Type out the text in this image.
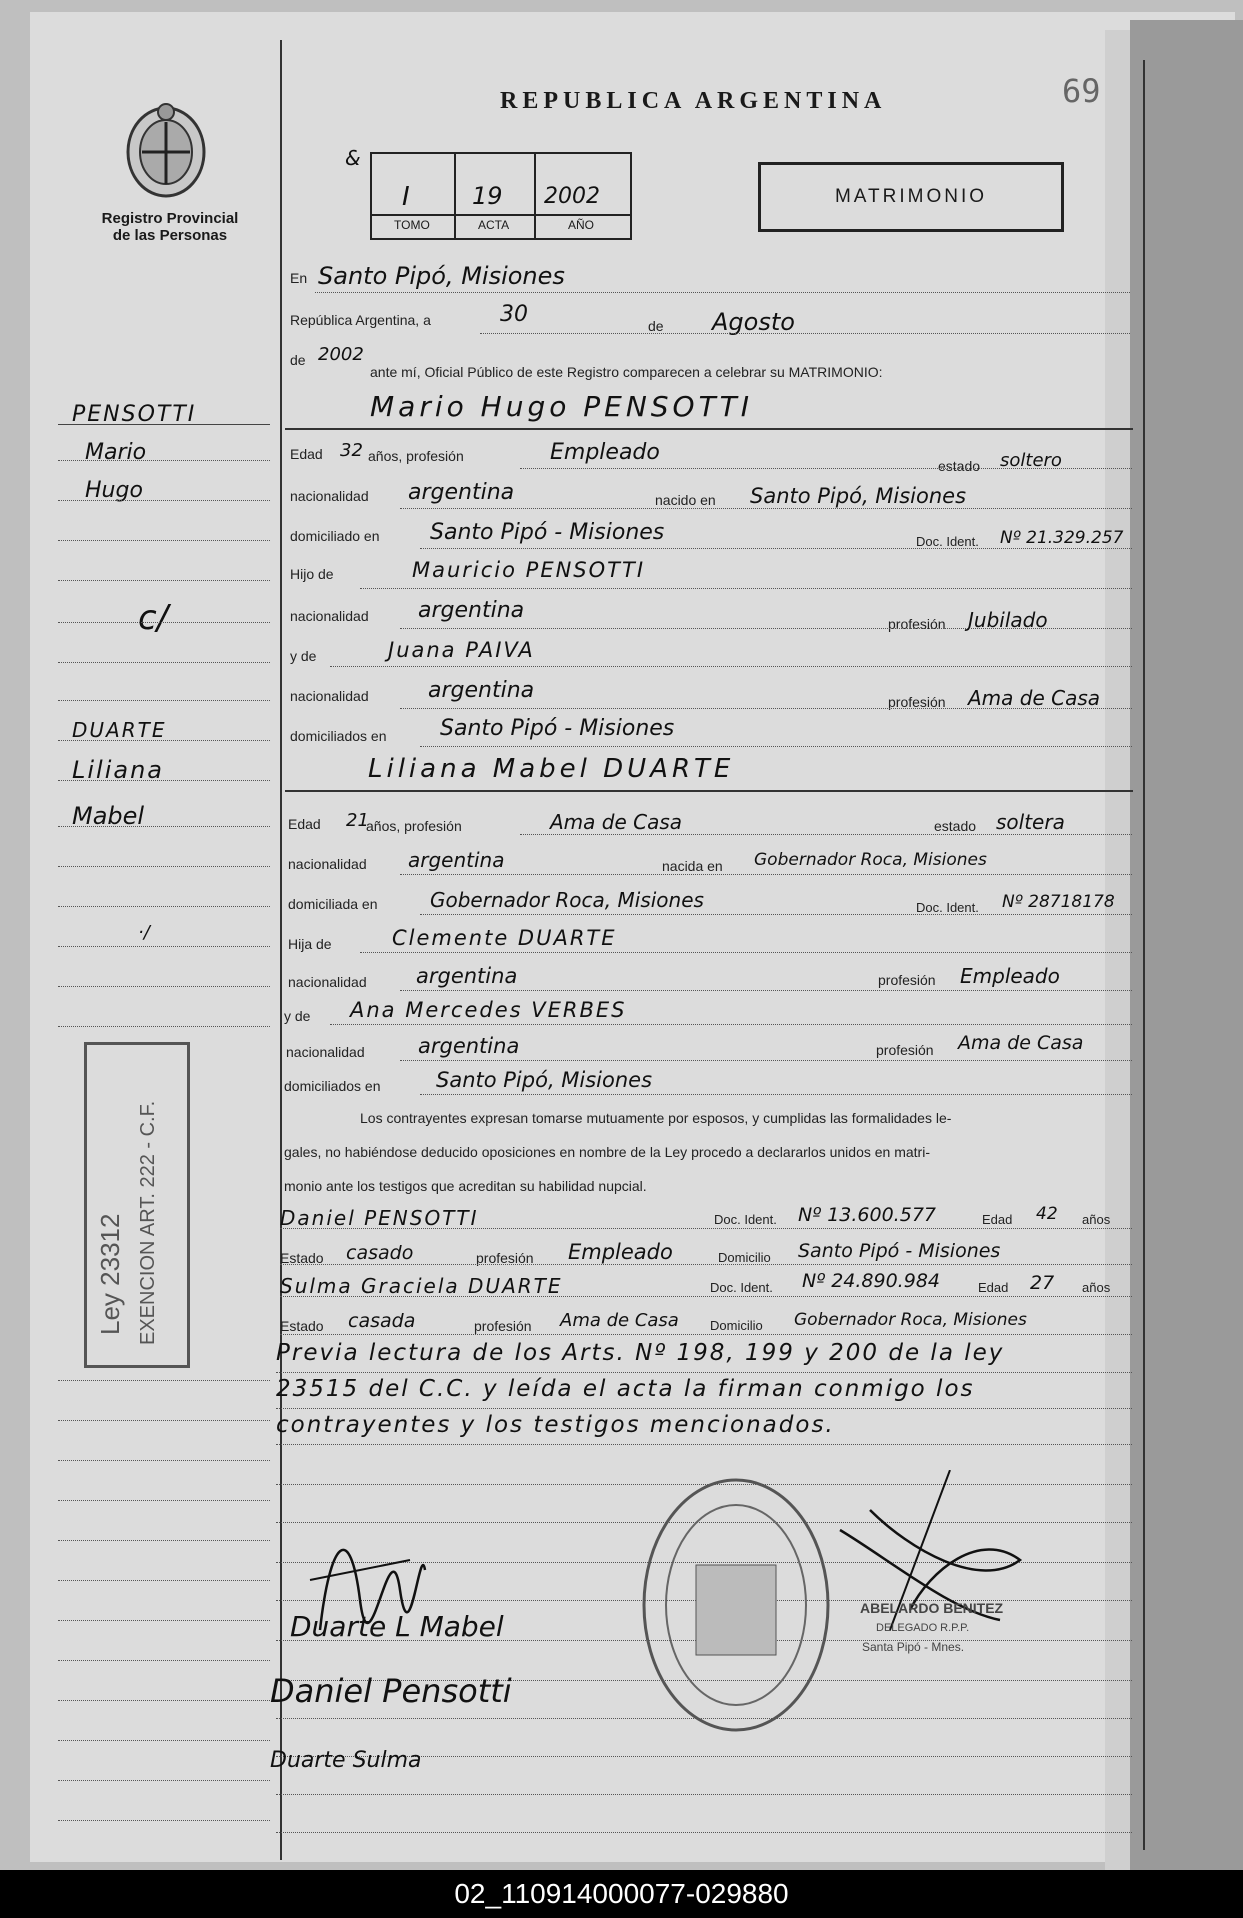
Registro Provincial
de las Personas
REPUBLICA ARGENTINA	69
I	19 2002
TOMO	ACTA	AÑO
&
MATRIMONIO
En Santo Pipó, Misiones
República Argentina, a	30	de Agosto
de 2002
ante mí, Oficial Público de este Registro comparecen a celebrar su MATRIMONIO:
Mario Hugo PENSOTTI
PENSOTTI
Mario
Hugo
c/
DUARTE
Liliana
Mabel
·/
Ley 23312 EXENCION ART. 222 - C.F.
Edad 32 años, profesión	Empleado
estado soltero
nacionalidad argentina	nacido en Santo Pipó, Misiones
domiciliado en Santo Pipó - Misiones	Doc. Ident. Nº 21.329.257
Hijo de	Mauricio PENSOTTI
nacionalidad argentina
profesión Jubilado
y de	Juana PAIVA
nacionalidad	argentina	profesión Ama de Casa
domiciliados en Santo Pipó - Misiones
Liliana Mabel DUARTE
Edad 21
años, profesión	Ama de Casa	estado soltera
nacionalidad argentina	nacida en Gobernador Roca, Misiones
domiciliada en	Gobernador Roca, Misiones	Doc. Ident. Nº 28718178
Hija de	Clemente DUARTE
nacionalidad argentina	profesión Empleado
y de Ana Mercedes VERBES
nacionalidad	argentina	profesión Ama de Casa
domiciliados en	Santo Pipó, Misiones
Los contrayentes expresan tomarse mutuamente por esposos, y cumplidas las formalidades le-
gales, no habiéndose deducido oposiciones en nombre de la Ley procedo a declararlos unidos en matri-
monio ante los testigos que acreditan su habilidad nupcial.
Daniel PENSOTTI	Doc. Ident. Nº 13.600.577	Edad 42 años
Estado casado	profesión Empleado	Domicilio Santo Pipó - Misiones
Sulma Graciela DUARTE	Doc. Ident. Nº 24.890.984	Edad 27 años
Estado casada	profesión Ama de Casa Domicilio Gobernador Roca, Misiones
Previa lectura de los Arts. Nº 198, 199 y 200 de la ley
23515 del C.C. y leída el acta la firman conmigo los
contrayentes y los testigos mencionados.
Duarte L Mabel
Daniel Pensotti
Duarte Sulma
ABELARDO BENITEZ
DELEGADO R.P.P.
Santa Pipó - Mnes.
02_110914000077-029880
